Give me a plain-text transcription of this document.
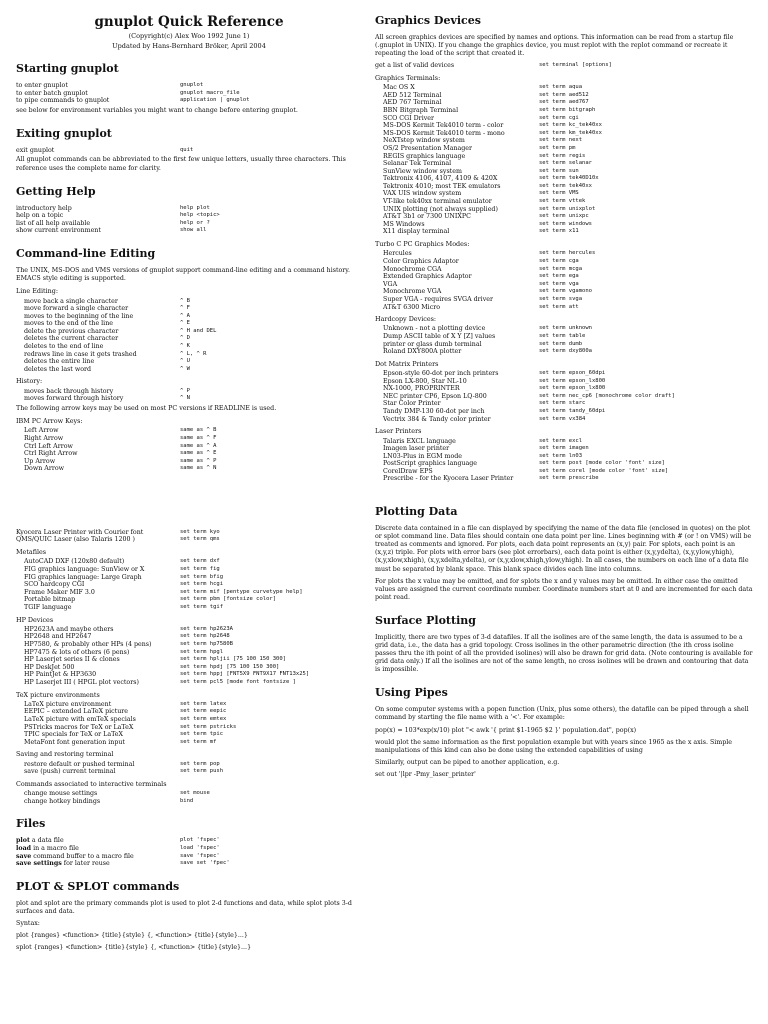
gnuplot Quick Reference
(Copyright(c) Alex Woo 1992 June 1)
Updated by Hans-Bernhard Bröker, April 2004
Starting gnuplot
to enter gnuplot	gnuplot
to enter batch gnuplot	gnuplot macro_file
to pipe commands to gnuplot	application | gnuplot

see below for environment variables you might want to change before entering gnuplot.

Exiting gnuplot
exit gnuplot	quit

All gnuplot commands can be abbreviated to the first few unique letters, usually three characters. This reference uses the complete name for clarity.

Getting Help
introductory help	help plot
help on a topic	help <topic>
list of all help available	help or ?
show current environment	show all
Command-line Editing

The UNIX, MS-DOS and VMS versions of gnuplot support command-line editing and a command history. EMACS style editing is supported.

Line Editing:
move back a single character	^ B
move forward a single character	^ F
moves to the beginning of the line	^ A
moves to the end of the line	^ E
delete the previous character	^ H and DEL
deletes the current character	^ D
deletes to the end of line	^ K
redraws line in case it gets trashed	^ L, ^ R
deletes the entire line	^ U
deletes the last word	^ W
History:
moves back through history	^ P
moves forward through history	^ N

The following arrow keys may be used on most PC versions if READLINE is used.

IBM PC Arrow Keys:
Left Arrow	same as ^ B
Right Arrow	same as ^ F
Ctrl Left Arrow	same as ^ A
Ctrl Right Arrow	same as ^ E
Up Arrow	same as ^ P
Down Arrow	same as ^ N
Kyocera Laser Printer with Courier font	set term kyo
QMS/QUIC Laser (also Talaris 1200 )	set term qms
Metafiles
AutoCAD DXF (120x80 default)	set term dxf
FIG graphics language: SunView or X	set term fig
FIG graphics language: Large Graph	set term bfig
SCO hardcopy CGI	set term hcgi
Frame Maker MIF 3.0	set term mif [pentype curvetype help]
Portable bitmap	set term pbm [fontsize color]
TGIF language	set term tgif
HP Devices
HP2623A and maybe others	set term hp2623A
HP2648 and HP2647	set term hp2648
HP7580, & probably other HPs (4 pens)	set term hp7580B
HP7475 & lots of others (6 pens)	set term hpgl
HP Laserjet series II & clones	set term hpljii [75 100 150 300]
HP DeskJet 500	set term hpdj [75 100 150 300]
HP PaintJet & HP3630	set term hppj [FNT5X9 FNT9X17 FNT13x25]
HP Laserjet III ( HPGL plot vectors)	set term pcl5 [mode font fontsize ]
TeX picture environments
LaTeX picture environment	set term latex
EEPIC – extended LaTeX picture	set term eepic
LaTeX picture with emTeX specials	set term emtex
PSTricks macros for TeX or LaTeX	set term pstricks
TPIC specials for TeX or LaTeX	set term tpic
MetaFont font generation input	set term mf
Saving and restoring terminal
restore default or pushed terminal	set term pop
save (push) current terminal	set term push
Commands associated to interactive terminals
change mouse settings	set mouse
change hotkey bindings	bind
Files
plot a data file	plot 'fspec'
load in a macro file	load 'fspec'
save command buffer to a macro file	save 'fspec'
save settings for later reuse	save set 'fpec'
PLOT & SPLOT commands

plot and splot are the primary commands plot is used to plot 2-d functions and data, while splot plots 3-d surfaces and data.

Syntax:

plot {ranges} <function> {title}{style} {, <function> {title}{style}...}

splot {ranges} <function> {title}{style} {, <function> {title}{style}...}

Graphics Devices

All screen graphics devices are specified by names and options. This information can be read from a startup file (.gnuplot in UNIX). If you change the graphics device, you must replot with the replot command or recreate it repeating the load of the script that created it.

get a list of valid devices	set terminal [options]
Graphics Terminals:
Mac OS X	set term aqua
AED 512 Terminal	set term aed512
AED 767 Terminal	set term aed767
BBN Bitgraph Terminal	set term bitgraph
SCO CGI Driver	set term cgi
MS-DOS Kermit Tek4010 term - color	set term kc_tek40xx
MS-DOS Kermit Tek4010 term - mono	set term km_tek40xx
NeXTstep window system	set term next
OS/2 Presentation Manager	set term pm
REGIS graphics language	set term regis
Selanar Tek Terminal	set term selanar
SunView window system	set term sun
Tektronix 4106, 4107, 4109 & 420X	set term tek40D10x
Tektronix 4010; most TEK emulators	set term tek40xx
VAX UIS window system	set term VMS
VT-like tek40xx terminal emulator	set term vttek
UNIX plotting (not always supplied)	set term unixplot
AT&T 3b1 or 7300 UNIXPC	set term unixpc
MS Windows	set term windows
X11 display terminal	set term x11
Turbo C PC Graphics Modes:
Hercules	set term hercules
Color Graphics Adaptor	set term cga
Monochrome CGA	set term mcga
Extended Graphics Adaptor	set term ega
VGA	set term vga
Monochrome VGA	set term vgamono
Super VGA - requires SVGA driver	set term svga
AT&T 6300 Micro	set term att
Hardcopy Devices:
Unknown - not a plotting device	set term unknown
Dump ASCII table of X Y [Z] values	set term table
printer or glass dumb terminal	set term dumb
Roland DXY800A plotter	set term dxy800a
Dot Matrix Printers
Epson-style 60-dot per inch printers	set term epson_60dpi
Epson LX-800, Star NL-10	set term epson_lx800
NX-1000, PROPRINTER	set term epson_lx800
NEC printer CP6, Epson LQ-800	set term nec_cp6 [monochrome color draft]
Star Color Printer	set term starc
Tandy DMP-130 60-dot per inch	set term tandy_60dpi
Vectrix 384 & Tandy color printer	set term vx384
Laser Printers
Talaris EXCL language	set term excl
Imagen laser printer	set term imagen
LN03-Plus in EGM mode	set term ln03
PostScript graphics language	set term post [mode color 'font' size]
CorelDraw EPS	set term corel [mode color 'font' size]
Prescribe - for the Kyocera Laser Printer	set term prescribe
Plotting Data

Discrete data contained in a file can displayed by specifying the name of the data file (enclosed in quotes) on the plot or splot command line. Data files should contain one data point per line. Lines beginning with # (or ! on VMS) will be treated as comments and ignored. For plots, each data point represents an (x,y) pair. For splots, each point is an (x,y,z) triple. For plots with error bars (see plot errorbars), each data point is either (x,y,ydelta), (x,y,ylow,yhigh), (x,y,xlow,xhigh), (x,y,xdelta,ydelta), or (x,y,xlow,xhigh,ylow,yhigh). In all cases, the numbers on each line of a data file must be separated by blank space. This blank space divides each line into columns.

For plots the x value may be omitted, and for splots the x and y values may be omitted. In either case the omitted values are assigned the current coordinate number. Coordinate numbers start at 0 and are incremented for each data point read.

Surface Plotting

Implicitly, there are two types of 3-d datafiles. If all the isolines are of the same length, the data is assumed to be a grid data, i.e., the data has a grid topology. Cross isolines in the other parametric direction (the ith cross isoline passes thru the ith point of all the provided isolines) will also be drawn for grid data. (Note contouring is available for grid data only.) If all the isolines are not of the same length, no cross isolines will be drawn and contouring that data is impossible.

Using Pipes

On some computer systems with a popen function (Unix, plus some others), the datafile can be piped through a shell command by starting the file name with a '<'. For example:

pop(x) = 103*exp(x/10) plot "< awk '{ print $1-1965 $2 }' population.dat", pop(x)

would plot the same information as the first population example but with years since 1965 as the x axis. Simple manipulations of this kind can also be done using the extended capabilities of using

Similarly, output can be piped to another application, e.g.

set out '|lpr -Pmy_laser_printer'
